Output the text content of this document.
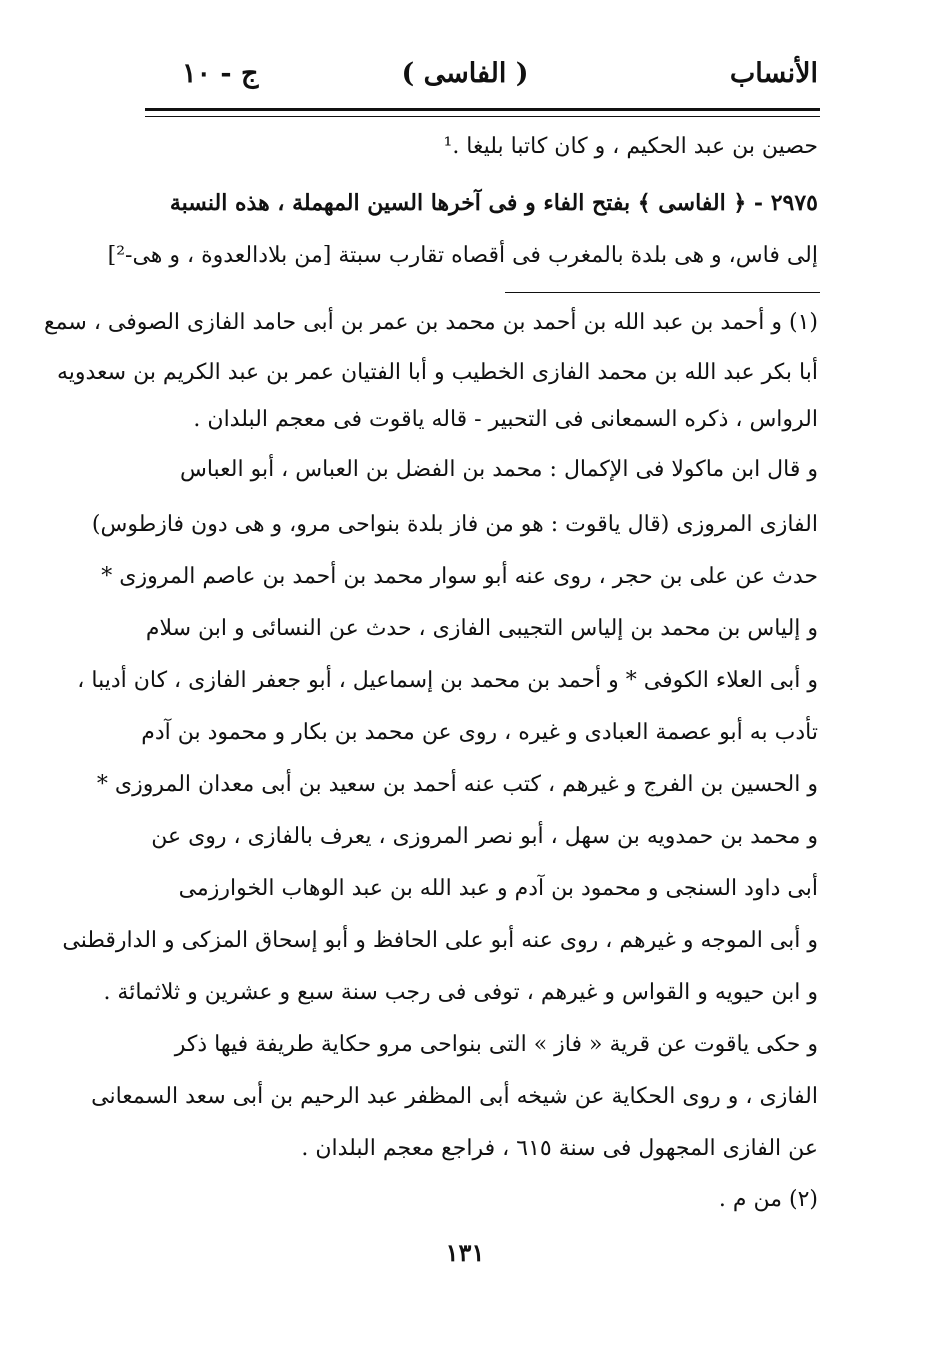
الأنساب
( الفاسى )
ج - ١٠
حصين بن عبد الحكيم ، و كان كاتبا بليغا .¹
٢٩٧٥ - ﴿ الفاسى ﴾ بفتح الفاء و فى آخرها السين المهملة ، هذه النسبة
إلى فاس، و هى بلدة بالمغرب فى أقصاه تقارب سبتة [من بلادالعدوة ، و هى-²]
(١) و أحمد بن عبد الله بن أحمد بن محمد بن عمر بن أبى حامد الفازى الصوفى ، سمع
أبا بكر عبد الله بن محمد الفازى الخطيب و أبا الفتيان عمر بن عبد الكريم بن سعدويه
الرواس ، ذكره السمعانى فى التحبير - قاله ياقوت فى معجم البلدان .
و قال ابن ماكولا فى الإكمال : محمد بن الفضل بن العباس ، أبو العباس
الفازى المروزى (قال ياقوت : هو من فاز بلدة بنواحى مرو، و هى دون فازطوس)
حدث عن على بن حجر ، روى عنه أبو سوار محمد بن أحمد بن عاصم المروزى *
و إلياس بن محمد بن إلياس التجيبى الفازى ، حدث عن النسائى و ابن سلام
و أبى العلاء الكوفى * و أحمد بن محمد بن إسماعيل ، أبو جعفر الفازى ، كان أديبا ،
تأدب به أبو عصمة العبادى و غيره ، روى عن محمد بن بكار و محمود بن آدم
و الحسين بن الفرج و غيرهم ، كتب عنه أحمد بن سعيد بن أبى معدان المروزى *
و محمد بن حمدويه بن سهل ، أبو نصر المروزى ، يعرف بالفازى ، روى عن
أبى داود السنجى و محمود بن آدم و عبد الله بن عبد الوهاب الخوارزمى
و أبى الموجه و غيرهم ، روى عنه أبو على الحافظ و أبو إسحاق المزكى و الدارقطنى
و ابن حيويه و القواس و غيرهم ، توفى فى رجب سنة سبع و عشرين و ثلاثمائة .
و حكى ياقوت عن قرية « فاز » التى بنواحى مرو حكاية طريفة فيها ذكر
الفازى ، و روى الحكاية عن شيخه أبى المظفر عبد الرحيم بن أبى سعد السمعانى
عن الفازى المجهول فى سنة ٦١٥ ، فراجع معجم البلدان .
(٢) من م .
١٣١
